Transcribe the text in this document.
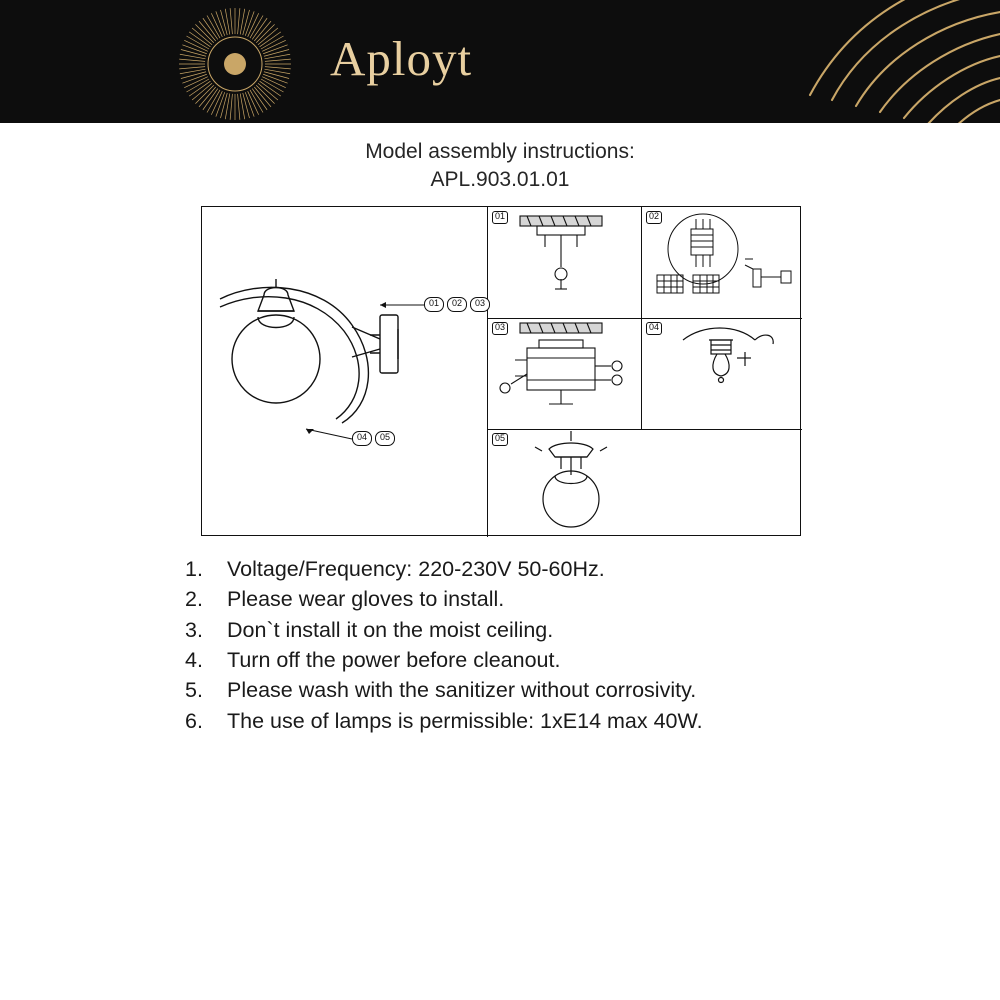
Aployt
Model assembly instructions:
APL.903.01.01
01	02	03
04	05
01	02
03	04
05
1.	Voltage/Frequency: 220-230V 50-60Hz.
2.	Please wear gloves to install.
3.	Don`t install it on the moist ceiling.
4.	Turn off the power before cleanout.
5.	Please wash with the sanitizer without corrosivity.
6.	The use of lamps is permissible: 1xE14 max 40W.
